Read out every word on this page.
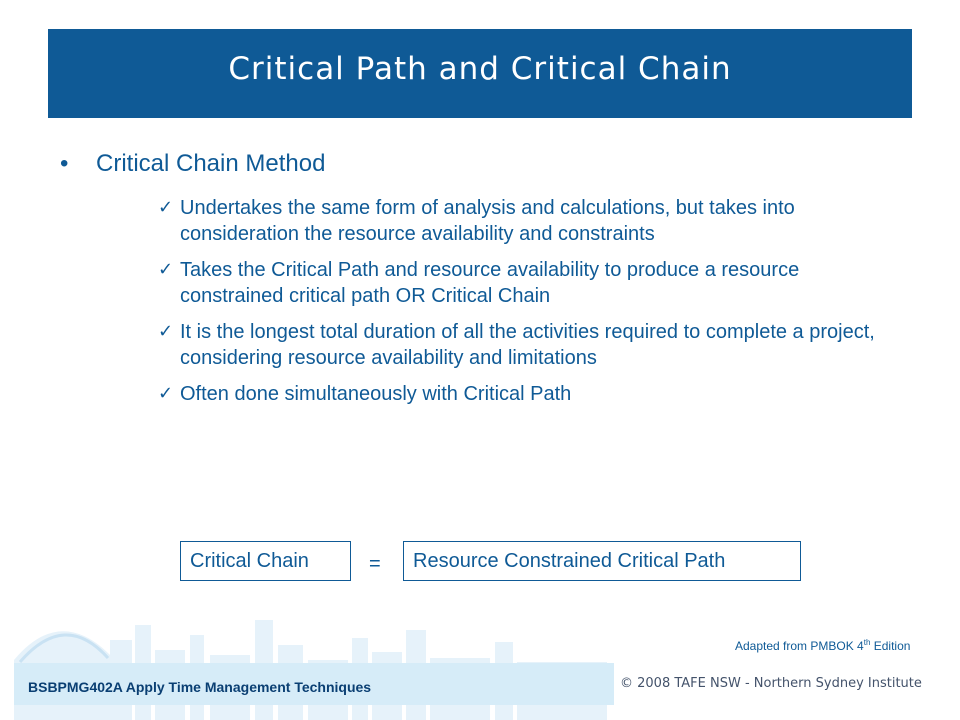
Critical Path and Critical Chain
• Critical Chain Method
✓ Undertakes the same form of analysis and calculations, but takes into consideration the resource availability and constraints
✓ Takes the Critical Path and resource availability to produce a resource constrained critical path OR Critical Chain
✓ It is the longest total duration of all the activities required to complete a project, considering resource availability and limitations
✓ Often done simultaneously with Critical Path
Critical Chain	=	Resource Constrained Critical Path
Adapted from PMBOK 4th Edition
BSBPMG402A Apply Time Management Techniques	© 2008 TAFE NSW - Northern Sydney Institute
